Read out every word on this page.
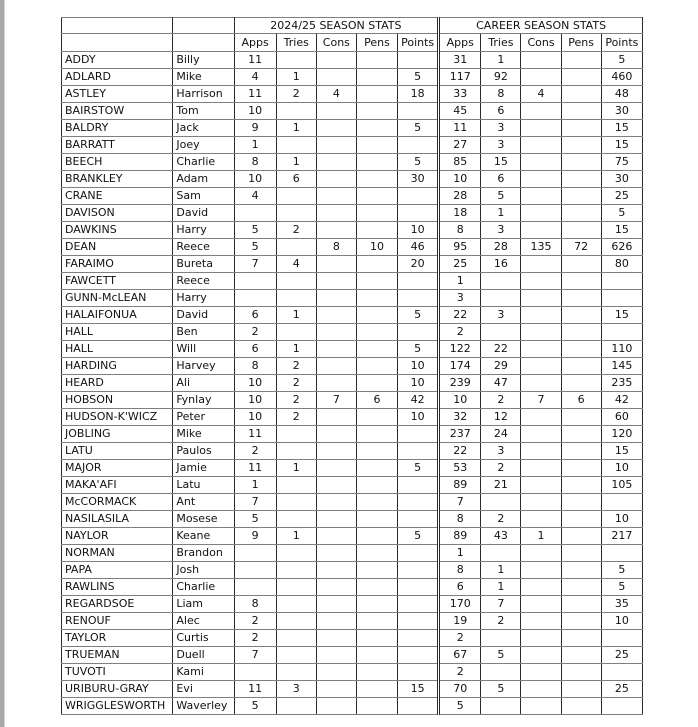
		2024/25 SEASON STATS					CAREER SEASON STATS				
		Apps	Tries	Cons	Pens	Points	Apps	Tries	Cons	Pens	Points
ADDY	Billy	11					31	1			5
ADLARD	Mike	4	1			5	117	92			460
ASTLEY	Harrison	11	2	4		18	33	8	4		48
BAIRSTOW	Tom	10					45	6			30
BALDRY	Jack	9	1			5	11	3			15
BARRATT	Joey	1					27	3			15
BEECH	Charlie	8	1			5	85	15			75
BRANKLEY	Adam	10	6			30	10	6			30
CRANE	Sam	4					28	5			25
DAVISON	David						18	1			5
DAWKINS	Harry	5	2			10	8	3			15
DEAN	Reece	5		8	10	46	95	28	135	72	626
FARAIMO	Bureta	7	4			20	25	16			80
FAWCETT	Reece						1				
GUNN-McLEAN	Harry						3				
HALAIFONUA	David	6	1			5	22	3			15
HALL	Ben	2					2				
HALL	Will	6	1			5	122	22			110
HARDING	Harvey	8	2			10	174	29			145
HEARD	Ali	10	2			10	239	47			235
HOBSON	Fynlay	10	2	7	6	42	10	2	7	6	42
HUDSON-K'WICZ	Peter	10	2			10	32	12			60
JOBLING	Mike	11					237	24			120
LATU	Paulos	2					22	3			15
MAJOR	Jamie	11	1			5	53	2			10
MAKA'AFI	Latu	1					89	21			105
McCORMACK	Ant	7					7				
NASILASILA	Mosese	5					8	2			10
NAYLOR	Keane	9	1			5	89	43	1		217
NORMAN	Brandon						1				
PAPA	Josh						8	1			5
RAWLINS	Charlie						6	1			5
REGARDSOE	Liam	8					170	7			35
RENOUF	Alec	2					19	2			10
TAYLOR	Curtis	2					2				
TRUEMAN	Duell	7					67	5			25
TUVOTI	Kami						2				
URIBURU-GRAY	Evi	11	3			15	70	5			25
WRIGGLESWORTH	Waverley	5					5				
